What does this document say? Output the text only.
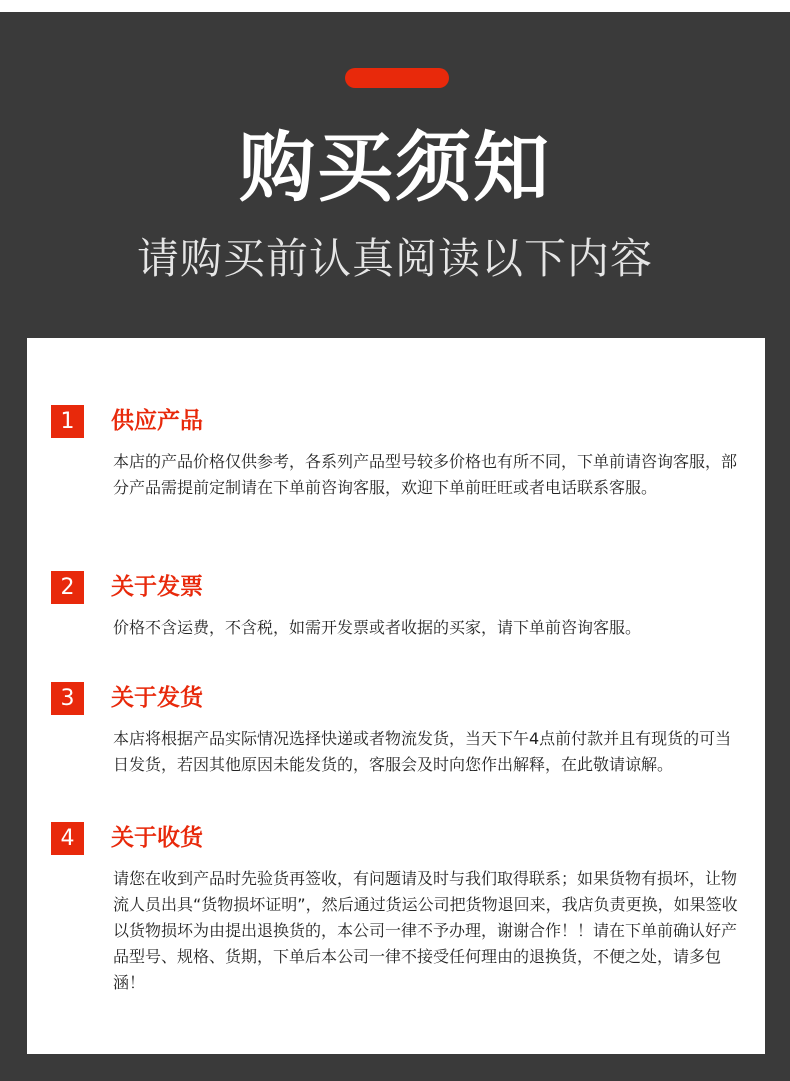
购买须知
请购买前认真阅读以下内容
1	供应产品

本店的产品价格仅供参考，各系列产品型号较多价格也有所不同，下单前请咨询客服，部分产品需提前定制请在下单前咨询客服，欢迎下单前旺旺或者电话联系客服。

2	关于发票

价格不含运费，不含税，如需开发票或者收据的买家，请下单前咨询客服。

3	关于发货

本店将根据产品实际情况选择快递或者物流发货，当天下午4点前付款并且有现货的可当日发货，若因其他原因未能发货的，客服会及时向您作出解释，在此敬请谅解。

4	关于收货

请您在收到产品时先验货再签收，有问题请及时与我们取得联系；如果货物有损坏，让物流人员出具“货物损坏证明”，然后通过货运公司把货物退回来，我店负责更换，如果签收以货物损坏为由提出退换货的，本公司一律不予办理，谢谢合作！！请在下单前确认好产品型号、规格、货期，下单后本公司一律不接受任何理由的退换货，不便之处，请多包涵！
